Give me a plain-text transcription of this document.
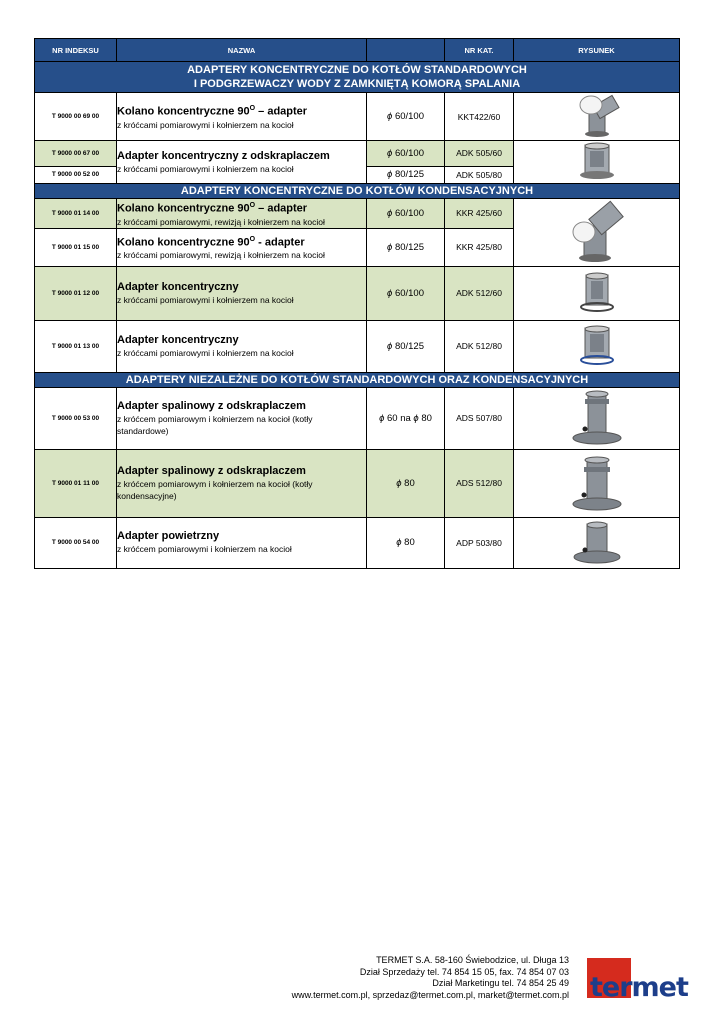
NR INDEKSU	NAZWA		NR KAT.	RYSUNEK
ADAPTERY KONCENTRYCZNE DO KOTŁÓW STANDARDOWYCH I PODGRZEWACZY WODY Z ZAMKNIĘTĄ KOMORĄ SPALANIA				
T 9000 00 69 00	Kolano koncentryczne $90^O$ – adapter
z króćcami pomiarowymi i kołnierzem na kocioł	ϕ 60/100	KKT422/60	

T 9000 00 67 00	Adapter koncentryczny z odskraplaczem
z króćcami pomiarowymi i kołnierzem na kocioł	ϕ 60/100	ADK 505/60	

T 9000 00 52 00		ϕ 80/125	ADK 505/80	
ADAPTERY KONCENTRYCZNE DO KOTŁÓW KONDENSACYJNYCH				
T 9000 01 14 00	Kolano koncentryczne $90^O$ – adapter
z króćcami pomiarowymi, rewizją i kołnierzem na kocioł	ϕ 60/100	KKR 425/60	

T 9000 01 15 00	Kolano koncentryczne $90^O$ - adapter
z króćcami pomiarowymi, rewizją i kołnierzem na kocioł	ϕ 80/125	KKR 425/80	
T 9000 01 12 00	Adapter koncentryczny
z króćcami pomiarowymi i kołnierzem na kocioł	ϕ 60/100	ADK 512/60	

T 9000 01 13 00	Adapter koncentryczny
z króćcami pomiarowymi i kołnierzem na kocioł	ϕ 80/125	ADK 512/80	

ADAPTERY NIEZALEŻNE DO KOTŁÓW STANDARDOWYCH ORAZ KONDENSACYJNYCH				
T 9000 00 53 00	Adapter spalinowy z odskraplaczem
z króćcem pomiarowym i kołnierzem na kocioł (kotły standardowe)	ϕ 60 na ϕ 80	ADS 507/80	

T 9000 01 11 00	Adapter spalinowy z odskraplaczem
z króćcem pomiarowym i kołnierzem na kocioł (kotły kondensacyjne)	ϕ 80	ADS 512/80	

T 9000 00 54 00	Adapter powietrzny
z króćcem pomiarowymi i kołnierzem na kocioł	ϕ 80	ADP 503/80	
TERMET S.A. 58-160 Świebodzice, ul. Długa 13
Dział Sprzedaży tel. 74 854 15 05, fax. 74 854 07 03
Dział Marketingu tel. 74 854 25 49
www.termet.com.pl, sprzedaz@termet.com.pl, market@termet.com.pl termet
